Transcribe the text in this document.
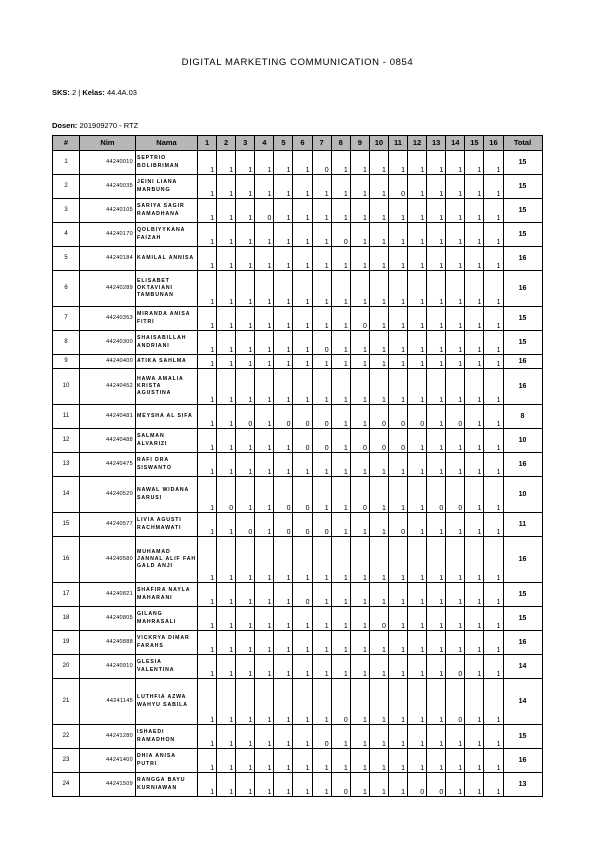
DIGITAL MARKETING COMMUNICATION - 0854
SKS: 2 | Kelas: 44.4A.03
Dosen: 201909270 - RTZ
#	Nim	Nama	1	2	3	4	5	6	7	8	9	10	11	12	13	14	15	16	Total
1	44240010	SEPTRIO BOLIBRIMAN	1	1	1	1	1	1	0	1	1	1	1	1	1	1	1	1	15
2	44240035	JEINI LIANA MARBUNG	1	1	1	1	1	1	1	1	1	1	0	1	1	1	1	1	15
3	44240105	SARIYA SAGIR RAMADHANA	1	1	1	0	1	1	1	1	1	1	1	1	1	1	1	1	15
4	44240170	QOLBIYYKANA FAIZAH	1	1	1	1	1	1	1	0	1	1	1	1	1	1	1	1	15
5	44240184	KAMILAL ANNISA	1	1	1	1	1	1	1	1	1	1	1	1	1	1	1	1	16
6	44240289	ELISABET OKTAVIANI TAMBUNAN	1	1	1	1	1	1	1	1	1	1	1	1	1	1	1	1	16
7	44240353	MIRANDA ANISA FITRI	1	1	1	1	1	1	1	1	0	1	1	1	1	1	1	1	15
8	44240300	SHAISABILLAH ANDRIANI	1	1	1	1	1	1	0	1	1	1	1	1	1	1	1	1	15
9	44240400	ATIKA SAHLMA	1	1	1	1	1	1	1	1	1	1	1	1	1	1	1	1	16
10	44240452	HAWA AMALIA KRISTA AGUSTINA	1	1	1	1	1	1	1	1	1	1	1	1	1	1	1	1	16
11	44240481	MEYSHA AL SIFA	1	1	0	1	0	0	0	1	1	0	0	0	1	0	1	1	8
12	44240488	SALMAN ALVARIZI	1	1	1	1	1	0	0	1	0	0	0	1	1	1	1	1	10
13	44240475	RAFI DRA SISWANTO	1	1	1	1	1	1	1	1	1	1	1	1	1	1	1	1	16
14	44240520	NAWAL WIDANA SARUSI	1	0	1	1	0	0	1	1	0	1	1	1	0	0	1	1	10
15	44240577	LIVIA AGUSTI RACHMAWATI	1	1	0	1	0	0	0	1	1	1	0	1	1	1	1	1	11
16	44240580	MUHAMAD JANNAL ALIF FAH GALD ANJI	1	1	1	1	1	1	1	1	1	1	1	1	1	1	1	1	16
17	44240821	SHAFIRA NAYLA MAHARANI	1	1	1	1	1	0	1	1	1	1	1	1	1	1	1	1	15
18	44240805	GILANG MAHRASALI	1	1	1	1	1	1	1	1	1	0	1	1	1	1	1	1	15
19	44240888	VICKRYA DIMAR FARAHS	1	1	1	1	1	1	1	1	1	1	1	1	1	1	1	1	16
20	44240910	GLESIA VALENTINA	1	1	1	1	1	1	1	1	1	1	1	1	1	0	1	1	14
21	44241145	LUTHFIA AZWA WAHYU SABILA	1	1	1	1	1	1	1	0	1	1	1	1	1	0	1	1	14
22	44241280	ISHAEDI RAMADHON	1	1	1	1	1	1	0	1	1	1	1	1	1	1	1	1	15
23	44241400	DHIA ANISA PUTRI	1	1	1	1	1	1	1	1	1	1	1	1	1	1	1	1	16
24	44241509	RANGGA BAYU KURNIAWAN	1	1	1	1	1	1	1	0	1	1	1	0	0	1	1	1	13
